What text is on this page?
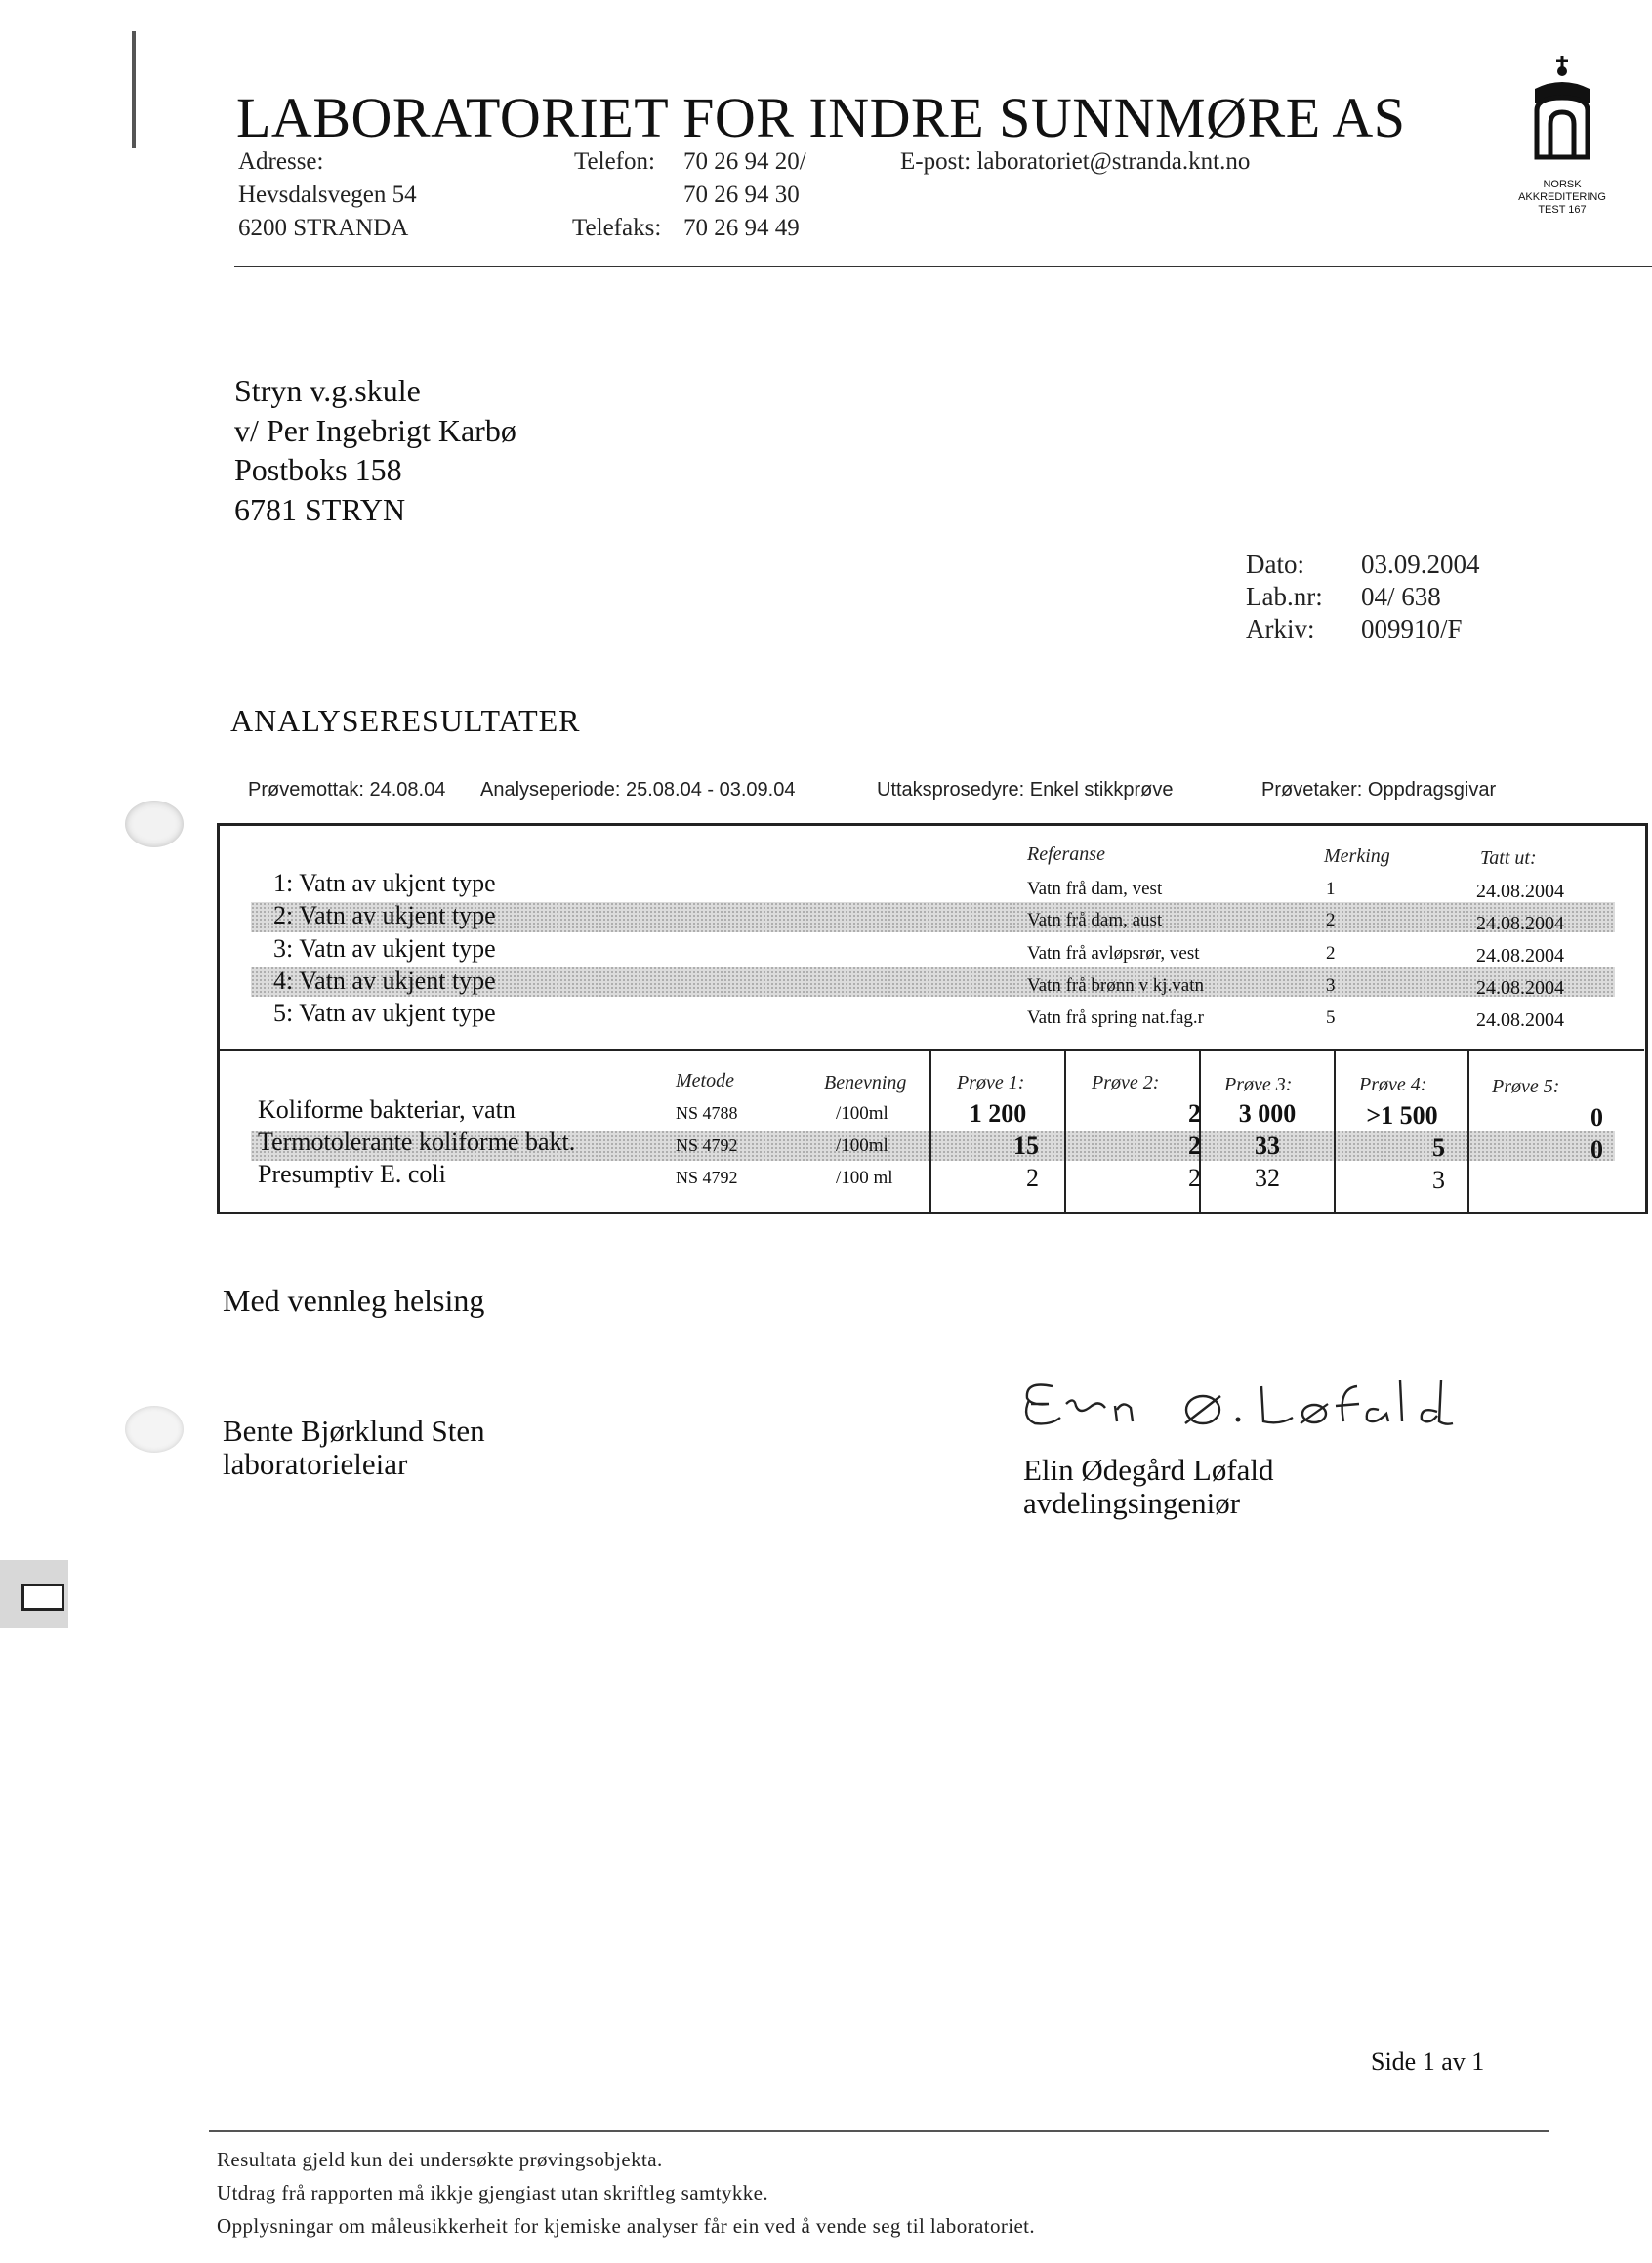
LABORATORIET FOR INDRE SUNNMØRE AS
Adresse:
Hevsdalsvegen 54
6200 STRANDA
Telefon: 70 26 94 20/
70 26 94 30
Telefaks: 70 26 94 49
E-post: laboratoriet@stranda.knt.no
NORSK
AKKREDITERING
TEST 167
Stryn v.g.skule
v/ Per Ingebrigt Karbø
Postboks 158
6781 STRYN
Dato: 03.09.2004
Lab.nr: 04/ 638
Arkiv: 009910/F
ANALYSERESULTATER
Prøvemottak: 24.08.04 Analyseperiode: 25.08.04 - 03.09.04	Uttaksprosedyre: Enkel stikkprøve	Prøvetaker: Oppdragsgivar
Referanse	Merking	Tatt ut:
1: Vatn av ukjent type	Vatn frå dam, vest	1	24.08.2004
2: Vatn av ukjent type	Vatn frå dam, aust	2	24.08.2004
3: Vatn av ukjent type	Vatn frå avløpsrør, vest	2	24.08.2004
4: Vatn av ukjent type	Vatn frå brønn v kj.vatn	3	24.08.2004
5: Vatn av ukjent type	Vatn frå spring nat.fag.r	5	24.08.2004
Metode	Benevning	Prøve 1:	Prøve 2:	Prøve 3:	Prøve 4:	Prøve 5:
Koliforme bakteriar, vatn	NS 4788	/100ml	1 200	2	3 000	>1 500	0
Termotolerante koliforme bakt.	NS 4792	/100ml	15	2	33	5	0
Presumptiv E. coli	NS 4792	/100 ml	2	2	32	3
Med vennleg helsing
Bente Bjørklund Sten
laboratorieleiar	Elin Ødegård Løfald
avdelingsingeniør
Side 1 av 1
Resultata gjeld kun dei undersøkte prøvingsobjekta.
Utdrag frå rapporten må ikkje gjengiast utan skriftleg samtykke.
Opplysningar om måleusikkerheit for kjemiske analyser får ein ved å vende seg til laboratoriet.
